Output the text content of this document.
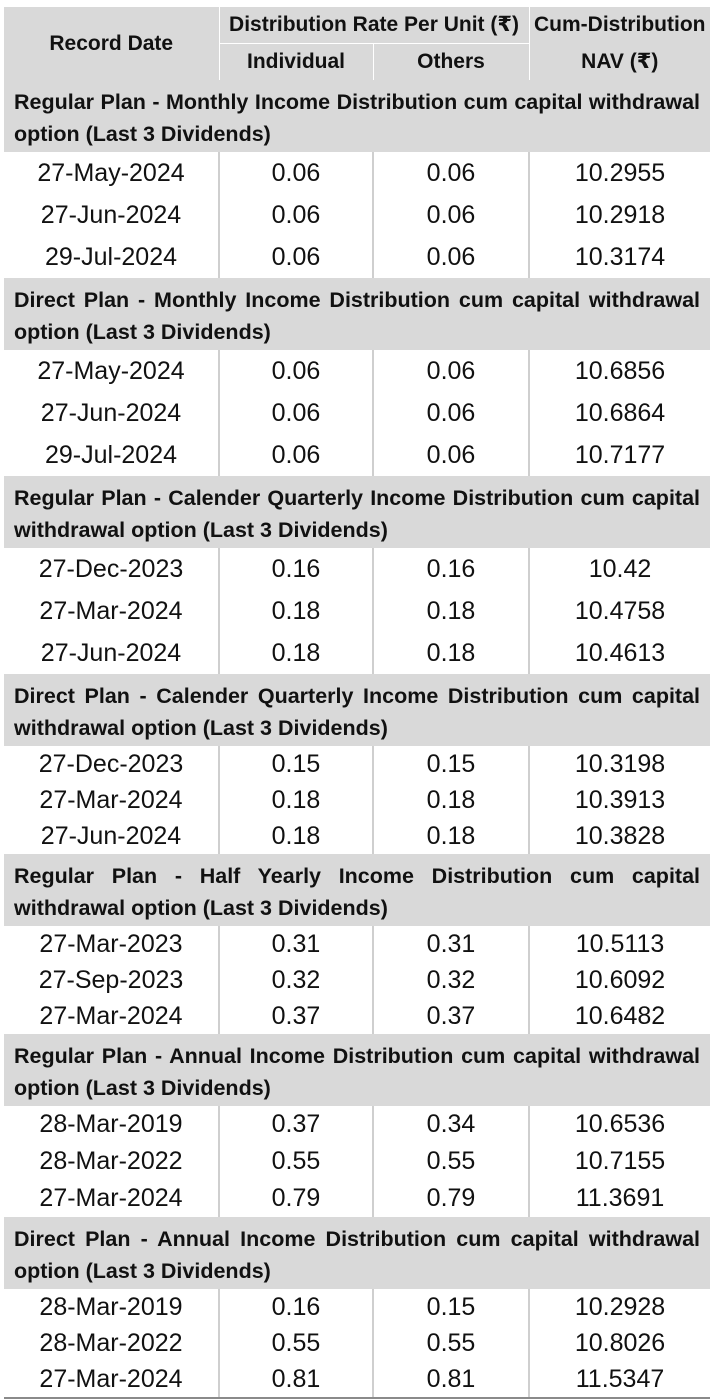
Record Date	Distribution Rate Per Unit (₹)		Cum-Distribution
	Individual	Others	NAV (₹)
Regular Plan - Monthly Income Distribution cum capital withdrawal option (Last 3 Dividends)			
27-May-2024	0.06	0.06	10.2955
27-Jun-2024	0.06	0.06	10.2918
29-Jul-2024	0.06	0.06	10.3174
Direct Plan - Monthly Income Distribution cum capital withdrawal option (Last 3 Dividends)			
27-May-2024	0.06	0.06	10.6856
27-Jun-2024	0.06	0.06	10.6864
29-Jul-2024	0.06	0.06	10.7177
Regular Plan - Calender Quarterly Income Distribution cum capital withdrawal option (Last 3 Dividends)			
27-Dec-2023	0.16	0.16	10.42
27-Mar-2024	0.18	0.18	10.4758
27-Jun-2024	0.18	0.18	10.4613
Direct Plan - Calender Quarterly Income Distribution cum capital withdrawal option (Last 3 Dividends)			
27-Dec-2023	0.15	0.15	10.3198
27-Mar-2024	0.18	0.18	10.3913
27-Jun-2024	0.18	0.18	10.3828
Regular Plan - Half Yearly Income Distribution cum capital withdrawal option (Last 3 Dividends)			
27-Mar-2023	0.31	0.31	10.5113
27-Sep-2023	0.32	0.32	10.6092
27-Mar-2024	0.37	0.37	10.6482
Regular Plan - Annual Income Distribution cum capital withdrawal option (Last 3 Dividends)			
28-Mar-2019	0.37	0.34	10.6536
28-Mar-2022	0.55	0.55	10.7155
27-Mar-2024	0.79	0.79	11.3691
Direct Plan - Annual Income Distribution cum capital withdrawal option (Last 3 Dividends)			
28-Mar-2019	0.16	0.15	10.2928
28-Mar-2022	0.55	0.55	10.8026
27-Mar-2024	0.81	0.81	11.5347
